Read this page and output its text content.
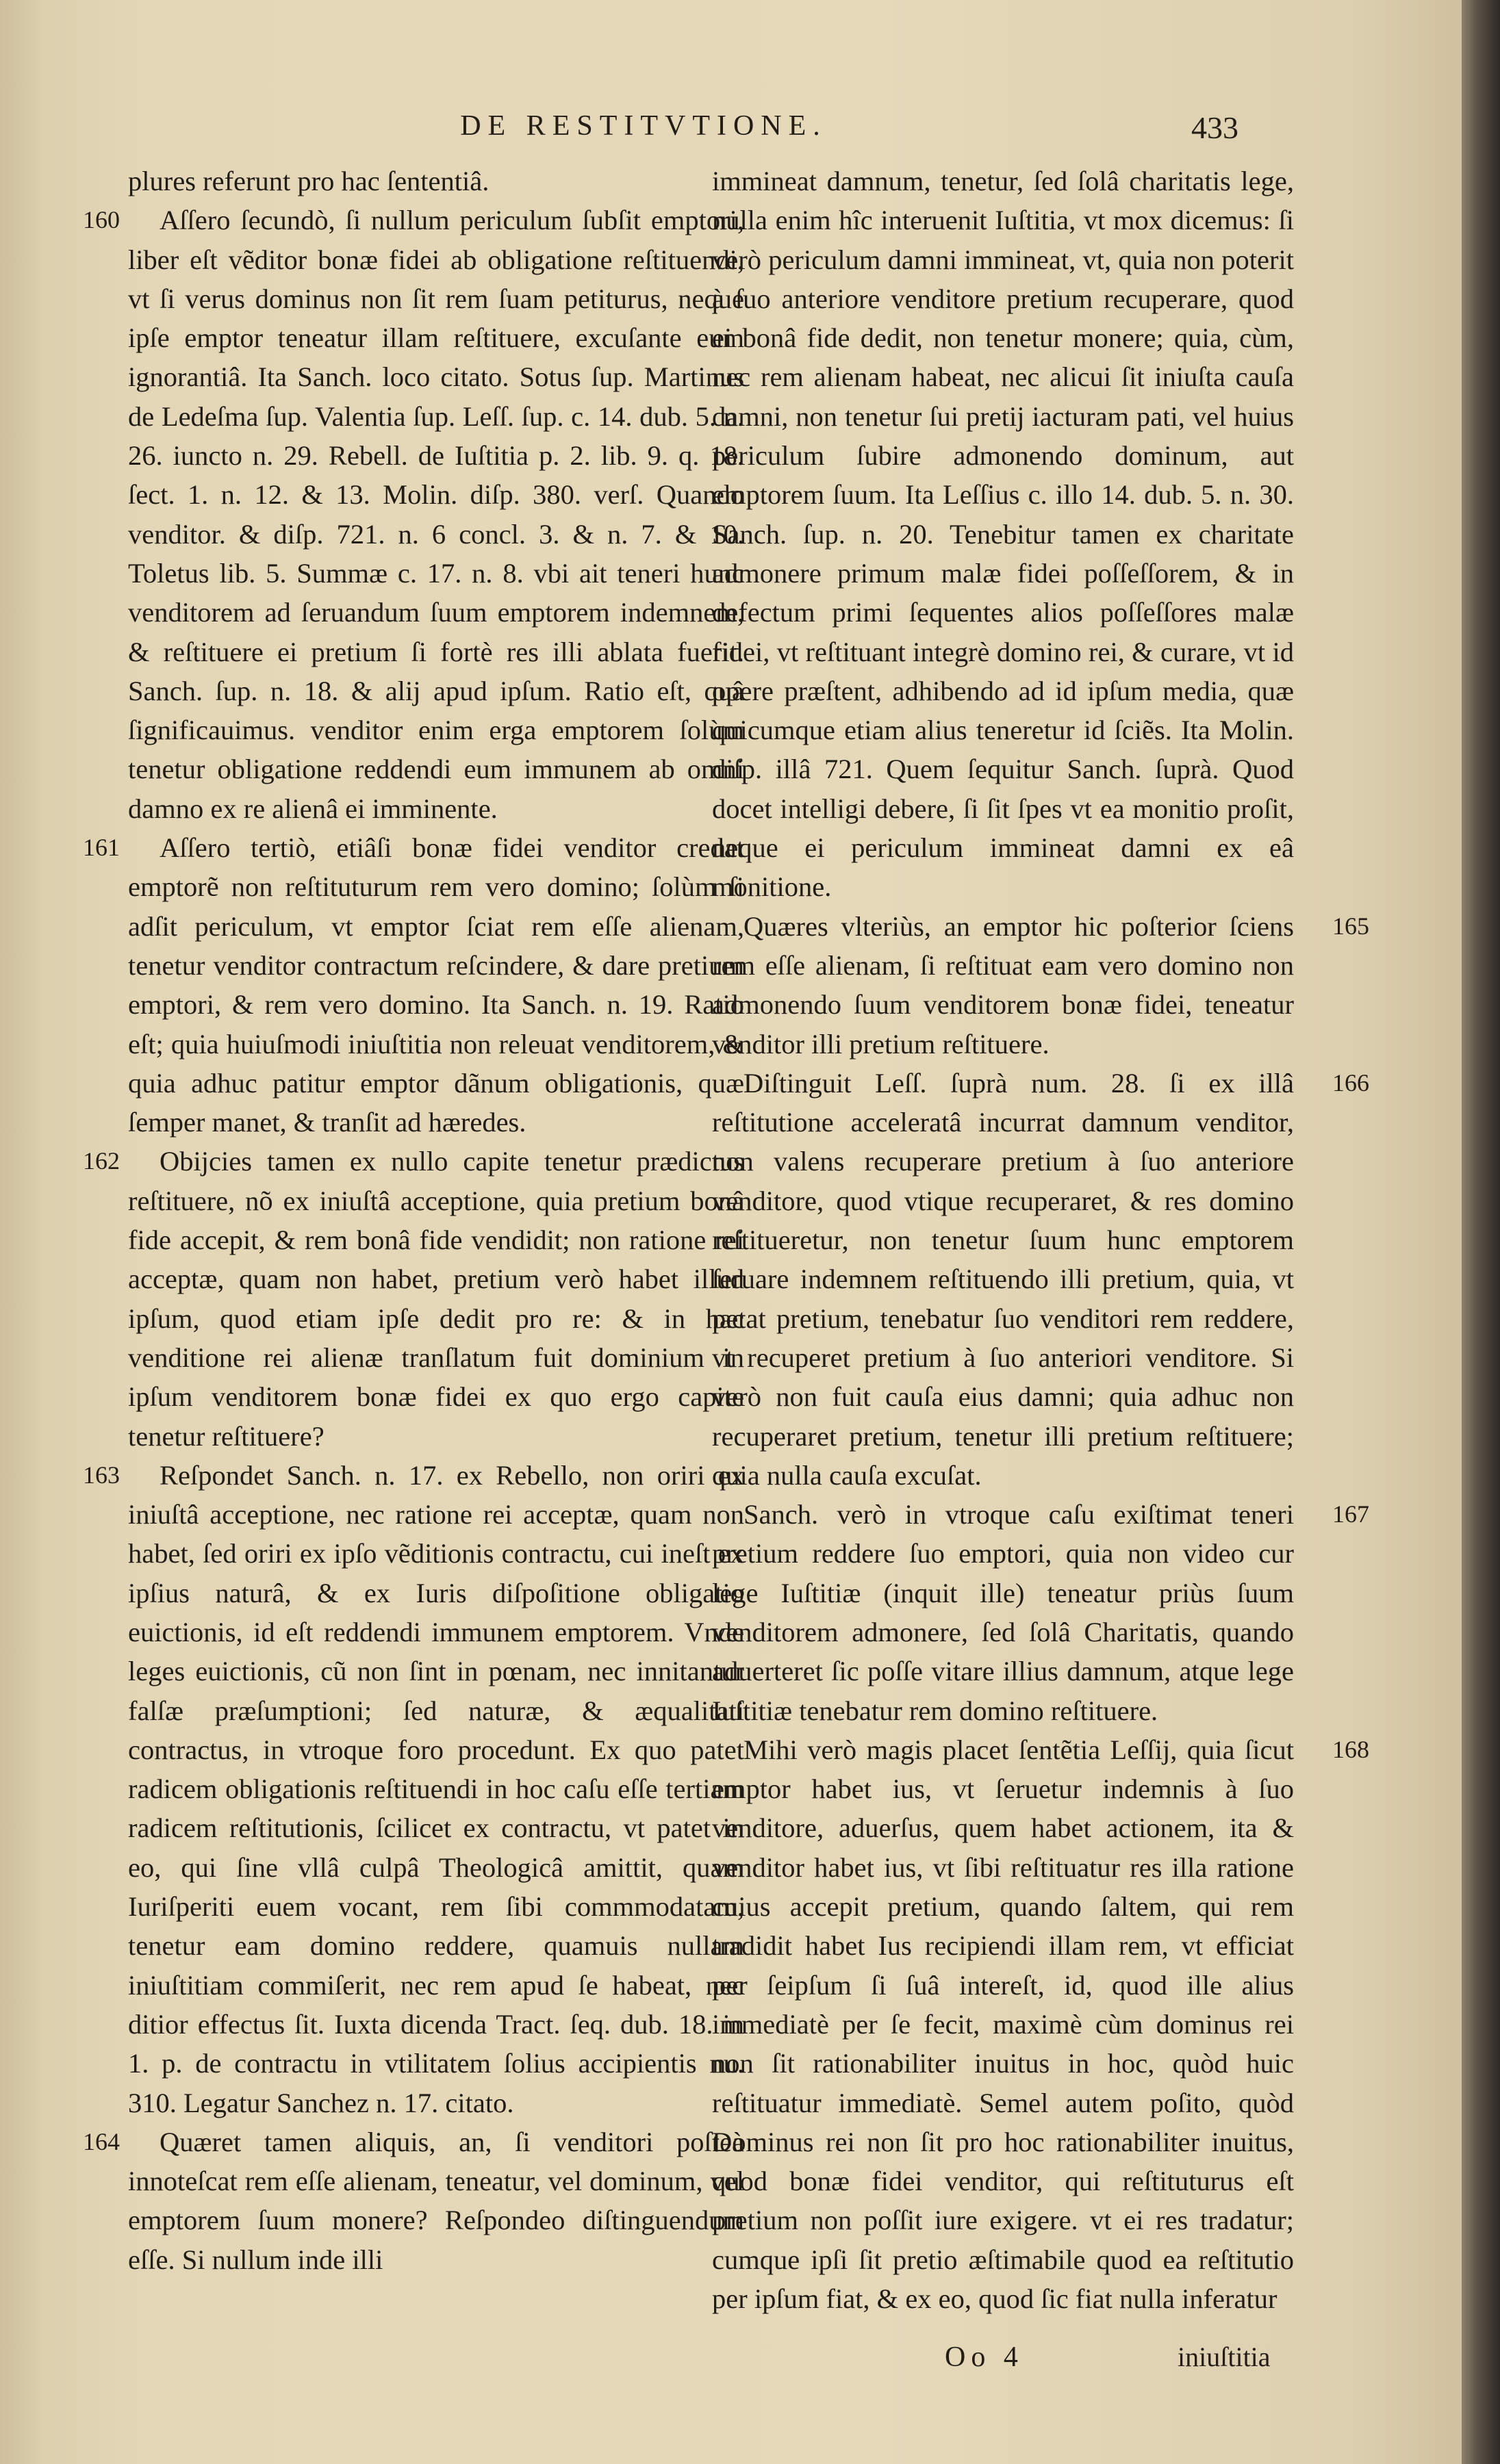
DE RESTITVTIONE.	433

plures referunt pro hac ſententiâ.

160 Aſſero ſecundò, ſi nullum periculum ſubſit emptori, liber eſt vẽditor bonæ fidei ab obligatione reſtituendi, vt ſi verus dominus non ſit rem ſuam petiturus, neque ipſe emptor teneatur illam reſtituere, excuſante eum ignorantiâ. Ita Sanch. loco citato. Sotus ſup. Martinus de Ledeſma ſup. Valentia ſup. Leſſ. ſup. c. 14. dub. 5. n. 26. iuncto n. 29. Rebell. de Iuſtitia p. 2. lib. 9. q. 18. ſect. 1. n. 12. & 13. Molin. diſp. 380. verſ. Quando venditor. & diſp. 721. n. 6 concl. 3. & n. 7. & 10. Toletus lib. 5. Summæ c. 17. n. 8. vbi ait teneri hunc venditorem ad ſeruandum ſuum emptorem indemnem, & reſtituere ei pretium ſi fortè res illi ablata fuerit. Sanch. ſup. n. 18. & alij apud ipſum. Ratio eſt, quâ ſignificauimus. venditor enim erga emptorem ſolùm tenetur obligatione reddendi eum immunem ab omni damno ex re alienâ ei imminente.

161 Aſſero tertiò, etiâſi bonæ fidei venditor credat emptorẽ non reſtituturum rem vero domino; ſolùm ſi adſit periculum, vt emptor ſciat rem eſſe alienam, tenetur venditor contractum reſcindere, & dare pretium emptori, & rem vero domino. Ita Sanch. n. 19. Ratio eſt; quia huiuſmodi iniuſtitia non releuat venditorem, & quia adhuc patitur emptor dãnum obligationis, quæ ſemper manet, & tranſit ad hæredes.

162 Obijcies tamen ex nullo capite tenetur prædictus reſtituere, nõ ex iniuſtâ acceptione, quia pretium bonâ fide accepit, & rem bonâ fide vendidit; non ratione rei acceptæ, quam non habet, pretium verò habet illud ipſum, quod etiam ipſe dedit pro re: & in hac venditione rei alienæ tranſlatum fuit dominium in ipſum venditorem bonæ fidei ex quo ergo capite tenetur reſtituere?

163 Reſpondet Sanch. n. 17. ex Rebello, non oriri ex iniuſtâ acceptione, nec ratione rei acceptæ, quam non habet, ſed oriri ex ipſo vẽditionis contractu, cui ineſt ex ipſius naturâ, & ex Iuris diſpoſitione obligatio euictionis, id eſt reddendi immunem emptorem. Vnde leges euictionis, cũ non ſint in pœnam, nec innitantur falſæ præſumptioni; ſed naturæ, & æqualitati contractus, in vtroque foro procedunt. Ex quo patet radicem obligationis reſtituendi in hoc caſu eſſe tertiam radicem reſtitutionis, ſcilicet ex contractu, vt patet in eo, qui ſine vllâ culpâ Theologicâ amittit, quam Iuriſperiti euem vocant, rem ſibi commmodatam, tenetur eam domino reddere, quamuis nullam iniuſtitiam commiſerit, nec rem apud ſe habeat, nec ditior effectus ſit. Iuxta dicenda Tract. ſeq. dub. 18. in 1. p. de contractu in vtilitatem ſolius accipientis nu. 310. Legatur Sanchez n. 17. citato.

164 Quæret tamen aliquis, an, ſi venditori poſteà innoteſcat rem eſſe alienam, teneatur, vel dominum, vel emptorem ſuum monere? Reſpondeo diſtinguendum eſſe. Si nullum inde illi

immineat damnum, tenetur, ſed ſolâ charitatis lege, nulla enim hîc interuenit Iuſtitia, vt mox dicemus: ſi verò periculum damni immineat, vt, quia non poterit à ſuo anteriore venditore pretium recuperare, quod ei bonâ fide dedit, non tenetur monere; quia, cùm, nec rem alienam habeat, nec alicui ſit iniuſta cauſa damni, non tenetur ſui pretij iacturam pati, vel huius periculum ſubire admonendo dominum, aut emptorem ſuum. Ita Leſſius c. illo 14. dub. 5. n. 30. Sanch. ſup. n. 20. Tenebitur tamen ex charitate admonere primum malæ fidei poſſeſſorem, & in defectum primi ſequentes alios poſſeſſores malæ fidei, vt reſtituant integrè domino rei, & curare, vt id opere præſtent, adhibendo ad id ipſum media, quæ quicumque etiam alius teneretur id ſciẽs. Ita Molin. diſp. illâ 721. Quem ſequitur Sanch. ſuprà. Quod docet intelligi debere, ſi ſit ſpes vt ea monitio proſit, neque ei periculum immineat damni ex eâ monitione.

165
Quæres vlteriùs, an emptor hic poſterior ſciens rem eſſe alienam, ſi reſtituat eam vero domino non admonendo ſuum venditorem bonæ fidei, teneatur venditor illi pretium reſtituere.

166
Diſtinguit Leſſ. ſuprà num. 28. ſi ex illâ reſtitutione acceleratâ incurrat damnum venditor, non valens recuperare pretium à ſuo anteriore venditore, quod vtique recuperaret, & res domino reſtitueretur, non tenetur ſuum hunc emptorem ſeruare indemnem reſtituendo illi pretium, quia, vt petat pretium, tenebatur ſuo venditori rem reddere, vt recuperet pretium à ſuo anteriori venditore. Si verò non fuit cauſa eius damni; quia adhuc non recuperaret pretium, tenetur illi pretium reſtituere; quia nulla cauſa excuſat.

167
Sanch. verò in vtroque caſu exiſtimat teneri pretium reddere ſuo emptori, quia non video cur lege Iuſtitiæ (inquit ille) teneatur priùs ſuum venditorem admonere, ſed ſolâ Charitatis, quando aduerteret ſic poſſe vitare illius damnum, atque lege Iuſtitiæ tenebatur rem domino reſtituere.

168
Mihi verò magis placet ſentẽtia Leſſij, quia ſicut emptor habet ius, vt ſeruetur indemnis à ſuo venditore, aduerſus, quem habet actionem, ita & venditor habet ius, vt ſibi reſtituatur res illa ratione cuius accepit pretium, quando ſaltem, qui rem tradidit habet Ius recipiendi illam rem, vt efficiat per ſeipſum ſi ſuâ intereſt, id, quod ille alius immediatè per ſe fecit, maximè cùm dominus rei non ſit rationabiliter inuitus in hoc, quòd huic reſtituatur immediatè. Semel autem poſito, quòd Dominus rei non ſit pro hoc rationabiliter inuitus, quod bonæ fidei venditor, qui reſtituturus eſt pretium non poſſit iure exigere. vt ei res tradatur; cumque ipſi ſit pretio æſtimabile quod ea reſtitutio per ipſum fiat, & ex eo, quod ſic fiat nulla inferatur

Oo 4	iniuſtitia
